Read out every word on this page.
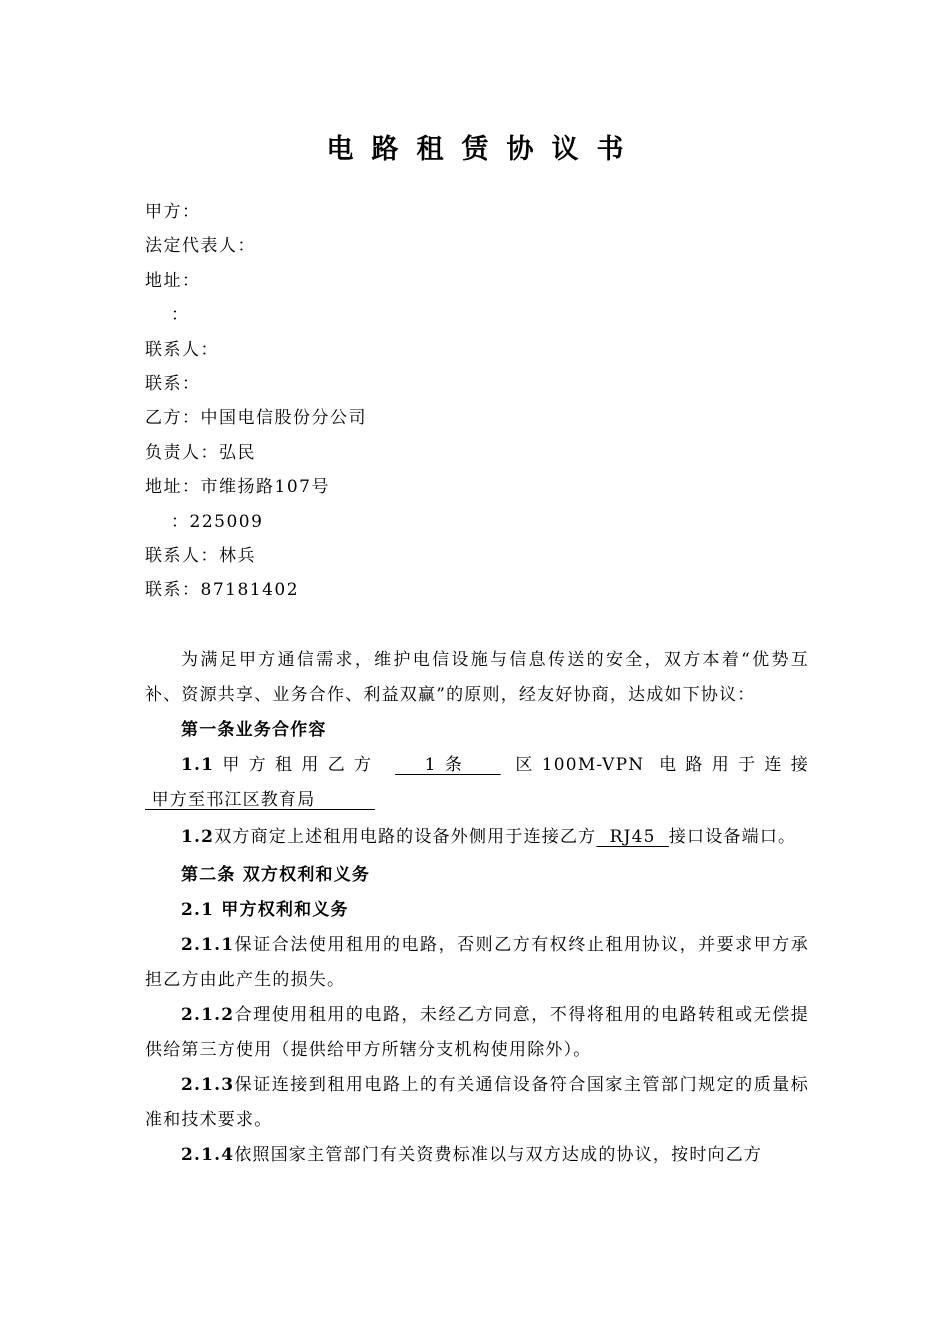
电路租赁协议书
甲方：
法定代表人：
地址：
：
联系人：
联系：
乙方：中国电信股份分公司
负责人：弘民
地址：市维扬路107号
：225009
联系人：林兵
联系：87181402

为满足甲方通信需求，维护电信设施与信息传送的安全，双方本着“优势互补、资源共享、业务合作、利益双赢”的原则，经友好协商，达成如下协议：

第一条业务合作容

1.1甲方租用乙方   1条   区100M-VPN 电路用于连接  甲方至邗江区教育局

1.2双方商定上述租用电路的设备外侧用于连接乙方  RJ45  接口设备端口。

第二条 双方权利和义务

2.1 甲方权利和义务

2.1.1保证合法使用租用的电路，否则乙方有权终止租用协议，并要求甲方承担乙方由此产生的损失。

2.1.2合理使用租用的电路，未经乙方同意，不得将租用的电路转租或无偿提供给第三方使用（提供给甲方所辖分支机构使用除外）。

2.1.3保证连接到租用电路上的有关通信设备符合国家主管部门规定的质量标准和技术要求。

2.1.4依照国家主管部门有关资费标准以与双方达成的协议，按时向乙方
